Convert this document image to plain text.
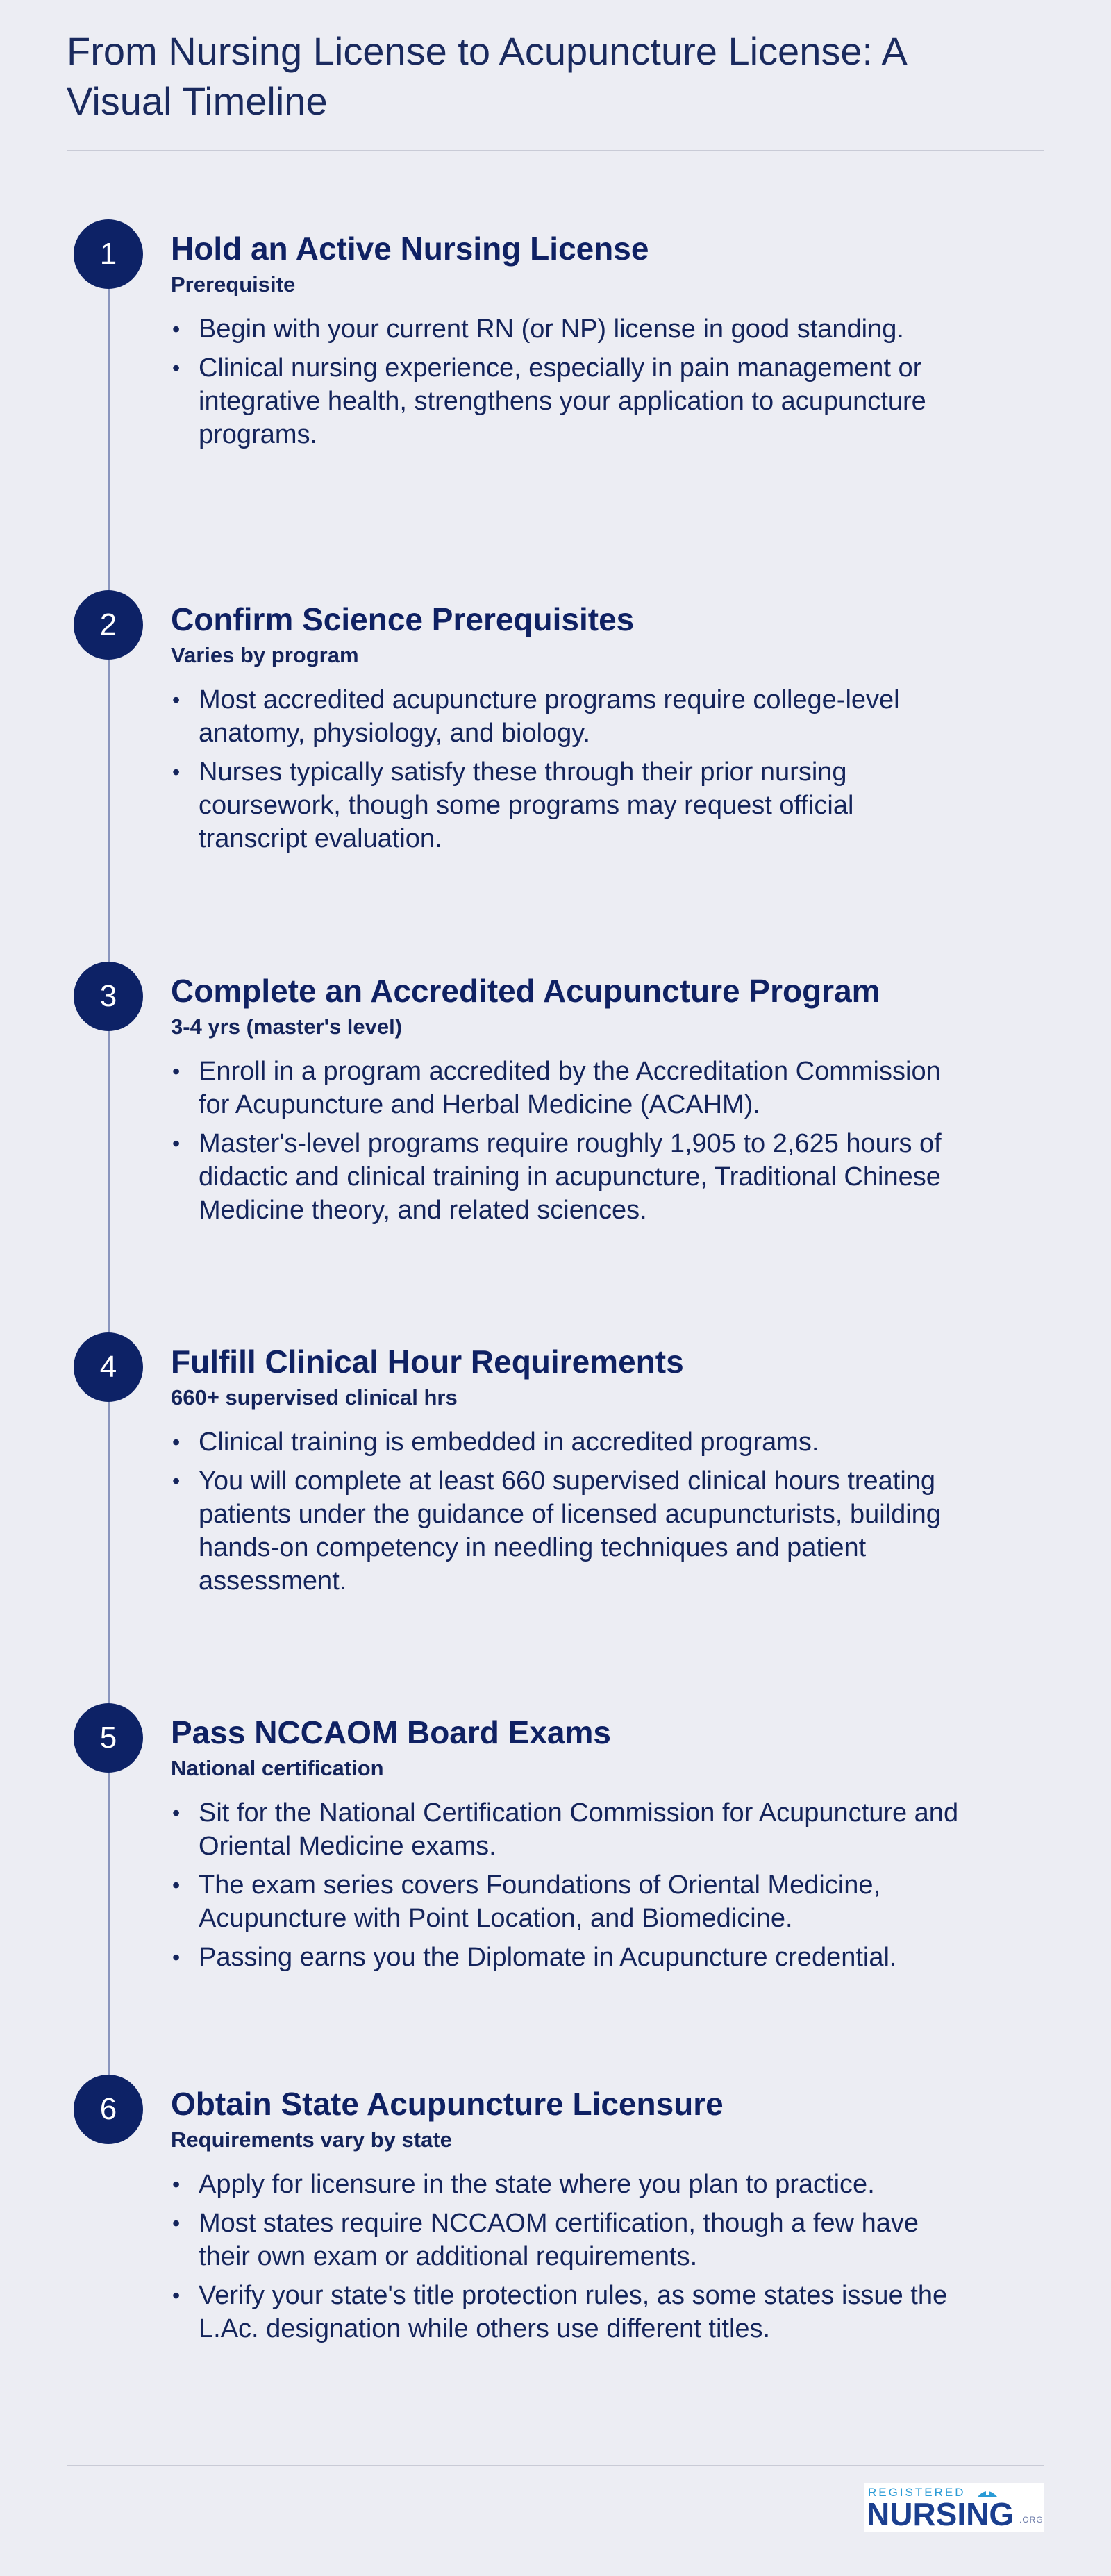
From Nursing License to Acupuncture License: A Visual Timeline
1	Hold an Active Nursing License

Prerequisite

• Begin with your current RN (or NP) license in good standing.
• Clinical nursing experience, especially in pain management or integrative health, strengthens your application to acupuncture programs.
2	Confirm Science Prerequisites

Varies by program

• Most accredited acupuncture programs require college-level anatomy, physiology, and biology.
• Nurses typically satisfy these through their prior nursing coursework, though some programs may request official transcript evaluation.
3	Complete an Accredited Acupuncture Program

3-4 yrs (master's level)

• Enroll in a program accredited by the Accreditation Commission for Acupuncture and Herbal Medicine (ACAHM).
• Master's-level programs require roughly 1,905 to 2,625 hours of didactic and clinical training in acupuncture, Traditional Chinese Medicine theory, and related sciences.
4	Fulfill Clinical Hour Requirements

660+ supervised clinical hrs

• Clinical training is embedded in accredited programs.
• You will complete at least 660 supervised clinical hours treating patients under the guidance of licensed acupuncturists, building hands-on competency in needling techniques and patient assessment.
5	Pass NCCAOM Board Exams

National certification

• Sit for the National Certification Commission for Acupuncture and Oriental Medicine exams.
• The exam series covers Foundations of Oriental Medicine, Acupuncture with Point Location, and Biomedicine.
• Passing earns you the Diplomate in Acupuncture credential.
6	Obtain State Acupuncture Licensure

Requirements vary by state

• Apply for licensure in the state where you plan to practice.
• Most states require NCCAOM certification, though a few have their own exam or additional requirements.
• Verify your state's title protection rules, as some states issue the L.Ac. designation while others use different titles.
REGISTERED
NURSING .ORG
